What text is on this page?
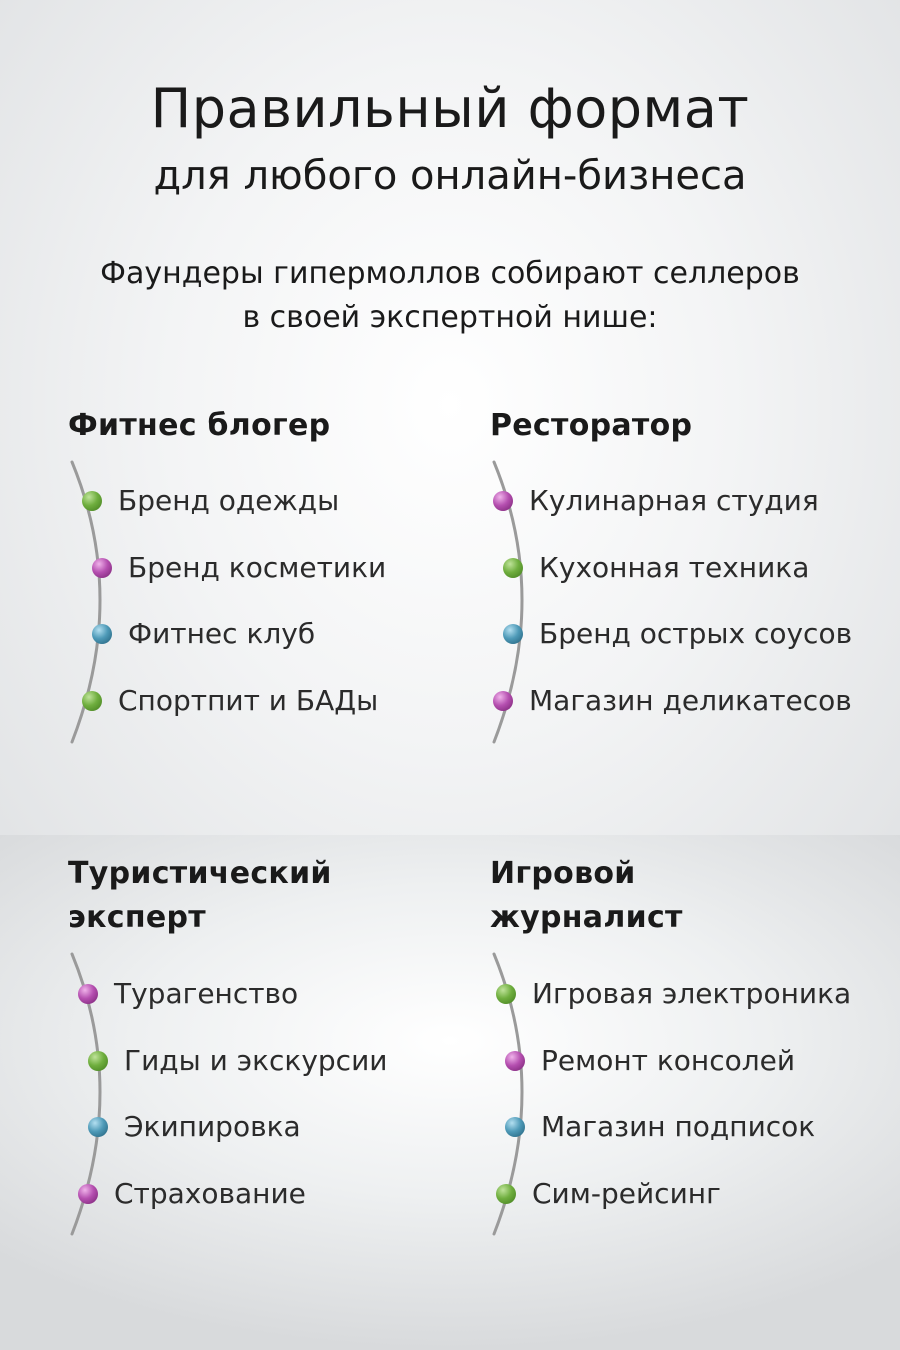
Правильный формат
для любого онлайн-бизнеса
Фаундеры гипермоллов собирают селлеров
в своей экспертной нише:
Фитнес блогер
Бренд одежды
Бренд косметики
Фитнес клуб
Спортпит и БАДы
Ресторатор
Кулинарная студия
Кухонная техника
Бренд острых соусов
Магазин деликатесов
Туристический
эксперт
Турагенство
Гиды и экскурсии
Экипировка
Страхование
Игровой
журналист
Игровая электроника
Ремонт консолей
Магазин подписок
Сим-рейсинг
